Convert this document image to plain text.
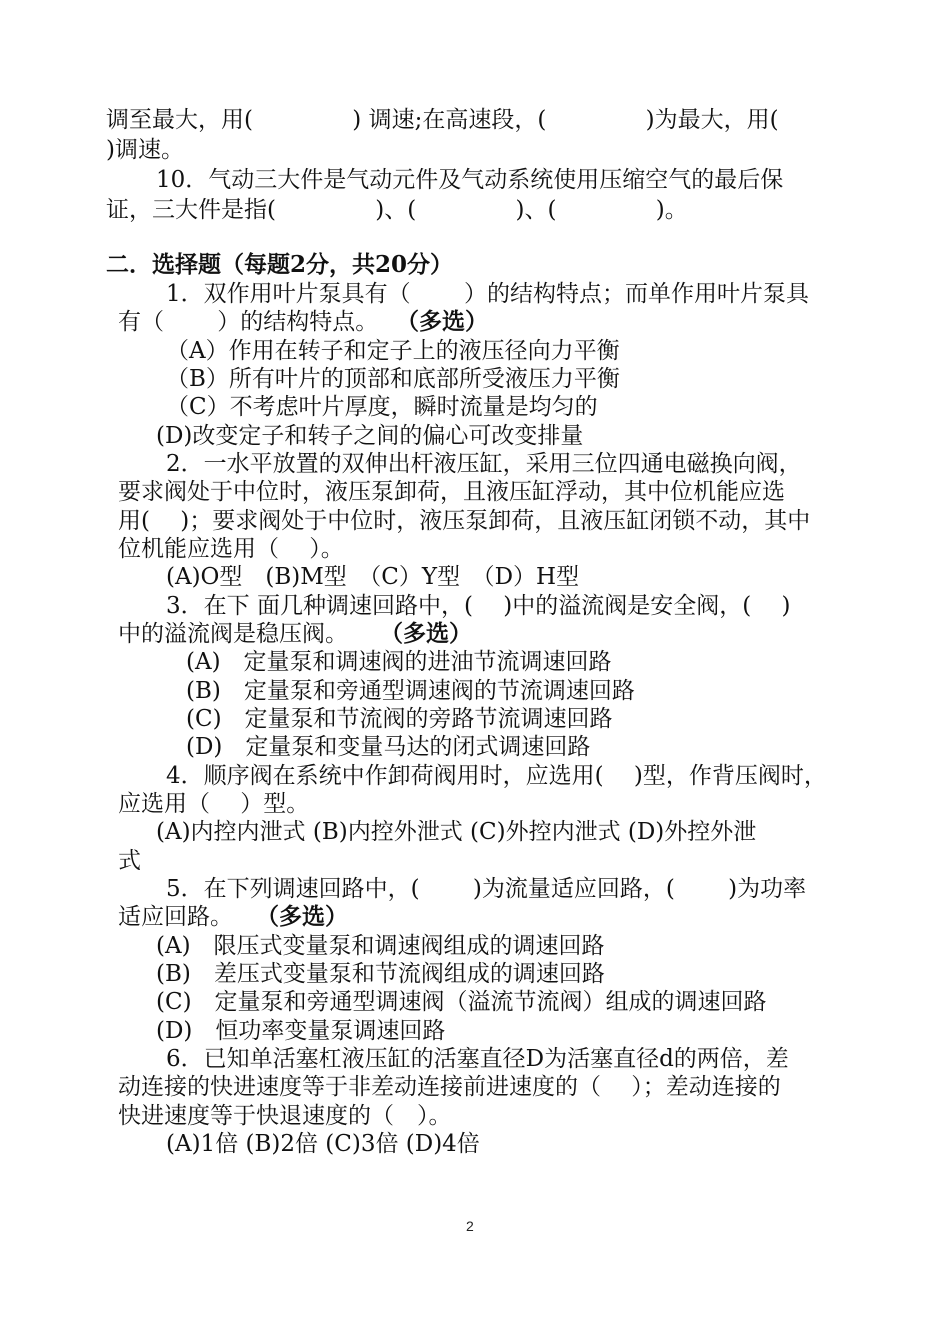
调至最大，用(　　　　 ) 调速;在高速段，(　　　　 )为最大，用(
)调速。
10．气动三大件是气动元件及气动系统使用压缩空气的最后保
证，三大件是指(　　　　 )、(　　　　 )、(　　　　 )。
二．选择题（每题2分，共20分）
1．双作用叶片泵具有（　　 ）的结构特点；而单作用叶片泵具
有（　　 ）的结构特点。 （多选）
（A）作用在转子和定子上的液压径向力平衡
（B）所有叶片的顶部和底部所受液压力平衡
（C）不考虑叶片厚度，瞬时流量是均匀的
(D)改变定子和转子之间的偏心可改变排量
2．一水平放置的双伸出杆液压缸，采用三位四通电磁换向阀，
要求阀处于中位时，液压泵卸荷，且液压缸浮动，其中位机能应选
用(　 )；要求阀处于中位时，液压泵卸荷，且液压缸闭锁不动，其中
位机能应选用（　 ）。
(A)O型　(B)M型　（C）Y型　（D）H型
3．在下 面几种调速回路中，(　 )中的溢流阀是安全阀，(　 )
中的溢流阀是稳压阀。 （多选）
(A)　定量泵和调速阀的进油节流调速回路
(B)　定量泵和旁通型调速阀的节流调速回路
(C)　定量泵和节流阀的旁路节流调速回路
(D)　定量泵和变量马达的闭式调速回路
4．顺序阀在系统中作卸荷阀用时，应选用(　 )型，作背压阀时，
应选用（　 ）型。
(A)内控内泄式 (B)内控外泄式 (C)外控内泄式 (D)外控外泄
式
5．在下列调速回路中，(　　 )为流量适应回路，(　　 )为功率
适应回路。 （多选）
(A)　限压式变量泵和调速阀组成的调速回路
(B)　差压式变量泵和节流阀组成的调速回路
(C)　定量泵和旁通型调速阀（溢流节流阀）组成的调速回路
(D)　恒功率变量泵调速回路
6．已知单活塞杠液压缸的活塞直径D为活塞直径d的两倍，差
动连接的快进速度等于非差动连接前进速度的（　 ）；差动连接的
快进速度等于快退速度的（　）。
(A)1倍 (B)2倍 (C)3倍 (D)4倍
2
